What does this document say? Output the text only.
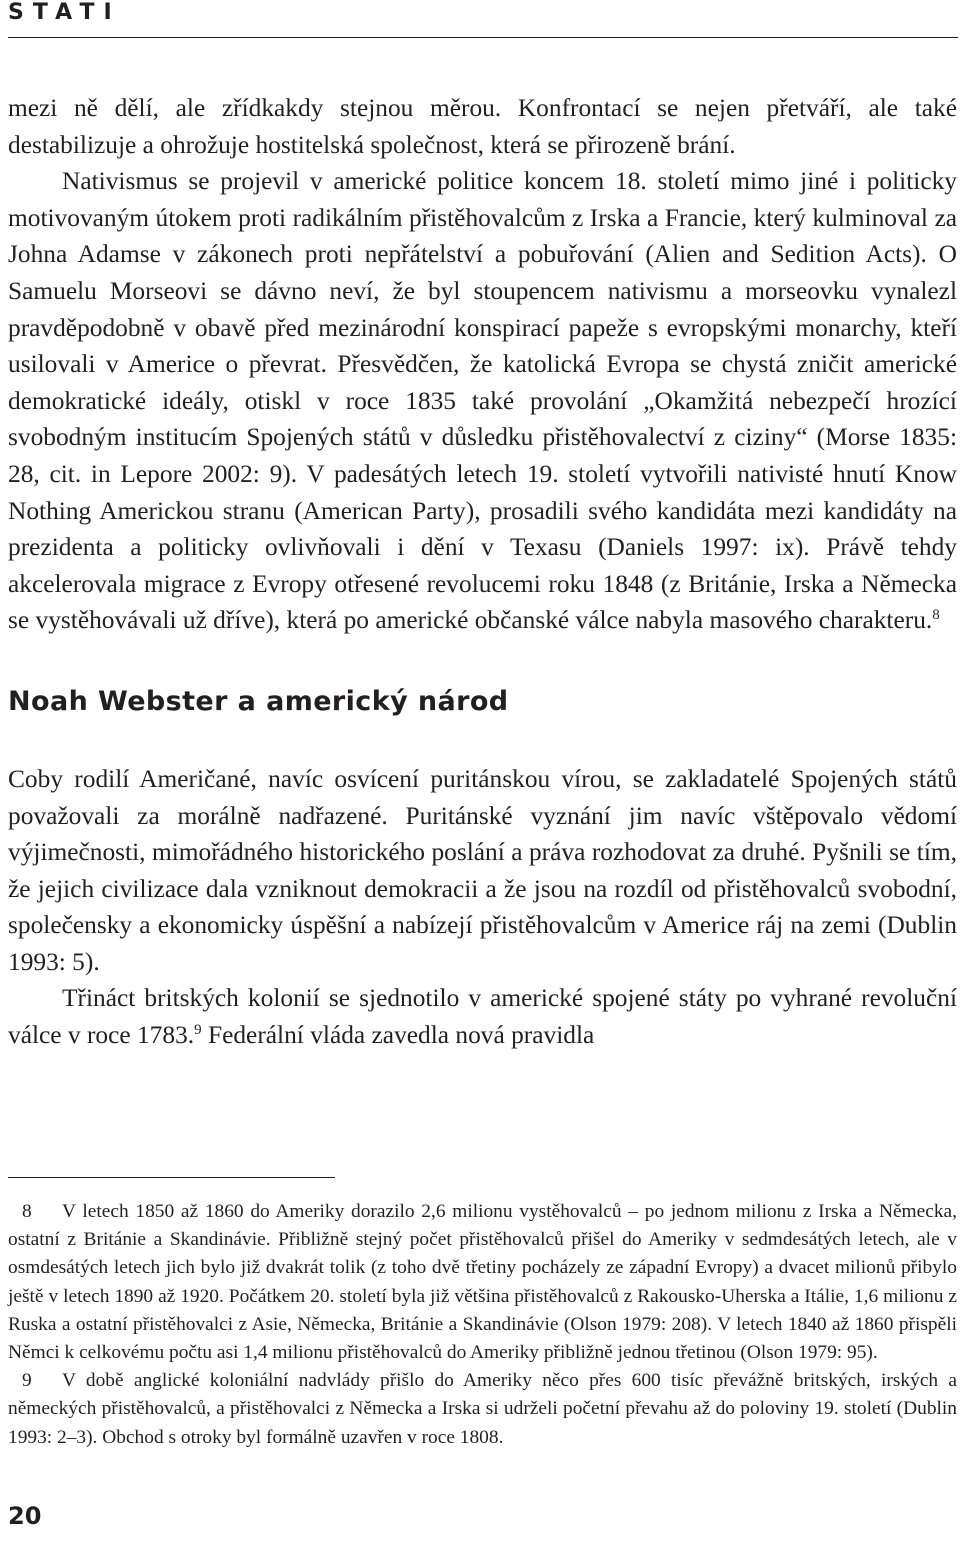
STATI

mezi ně dělí, ale zřídkakdy stejnou měrou. Konfrontací se nejen přetváří, ale také destabilizuje a ohrožuje hostitelská společnost, která se přirozeně brání.

Nativismus se projevil v americké politice koncem 18. století mimo jiné i politicky motivovaným útokem proti radikálním přistěhovalcům z Irska a Francie, který kulminoval za Johna Adamse v zákonech proti nepřátelství a pobuřování (Alien and Sedition Acts). O Samuelu Morseovi se dávno neví, že byl stoupencem nativismu a morseovku vynalezl pravděpodobně v obavě před mezinárodní konspirací papeže s evropskými monarchy, kteří usilovali v Americe o převrat. Přesvědčen, že katolická Evropa se chystá zničit americké demokratické ideály, otiskl v roce 1835 také provolání „Okamžitá nebezpečí hrozící svobodným institucím Spojených států v důsledku přistěhovalectví z ciziny“ (Morse 1835: 28, cit. in Lepore 2002: 9). V padesátých letech 19. století vytvořili nativisté hnutí Know Nothing Americkou stranu (American Party), prosadili svého kandidáta mezi kandidáty na prezidenta a politicky ovlivňovali i dění v Texasu (Daniels 1997: ix). Právě tehdy akcelerovala migrace z Evropy otřesené revolucemi roku 1848 (z Británie, Irska a Německa se vystěhovávali už dříve), která po americké občanské válce nabyla masového charakteru.$^8$

Noah Webster a americký národ

Coby rodilí Američané, navíc osvícení puritánskou vírou, se zakladatelé Spojených států považovali za morálně nadřazené. Puritánské vyznání jim navíc vštěpovalo vědomí výjimečnosti, mimořádného historického poslání a práva rozhodovat za druhé. Pyšnili se tím, že jejich civilizace dala vzniknout demokracii a že jsou na rozdíl od přistěhovalců svobodní, společensky a ekonomicky úspěšní a nabízejí přistěhovalcům v Americe ráj na zemi (Dublin 1993: 5).

Třináct britských kolonií se sjednotilo v americké spojené státy po vyhrané revoluční válce v roce 1783.$^9$ Federální vláda zavedla nová pravidla

8 V letech 1850 až 1860 do Ameriky dorazilo 2,6 milionu vystěhovalců – po jednom milionu z Irska a Německa, ostatní z Británie a Skandinávie. Přibližně stejný počet přistěhovalců přišel do Ameriky v sedmdesátých letech, ale v osmdesátých letech jich bylo již dvakrát tolik (z toho dvě třetiny pocházely ze západní Evropy) a dvacet milionů přibylo ještě v letech 1890 až 1920. Počátkem 20. století byla již většina přistěhovalců z Rakousko-Uherska a Itálie, 1,6 milionu z Ruska a ostatní přistěhovalci z Asie, Německa, Británie a Skandinávie (Olson 1979: 208). V letech 1840 až 1860 přispěli Němci k celkovému počtu asi 1,4 milionu přistěhovalců do Ameriky přibližně jednou třetinou (Olson 1979: 95).

9 V době anglické koloniální nadvlády přišlo do Ameriky něco přes 600 tisíc převážně britských, irských a německých přistěhovalců, a přistěhovalci z Německa a Irska si udrželi početní převahu až do poloviny 19. století (Dublin 1993: 2–3). Obchod s otroky byl formálně uzavřen v roce 1808.

20
